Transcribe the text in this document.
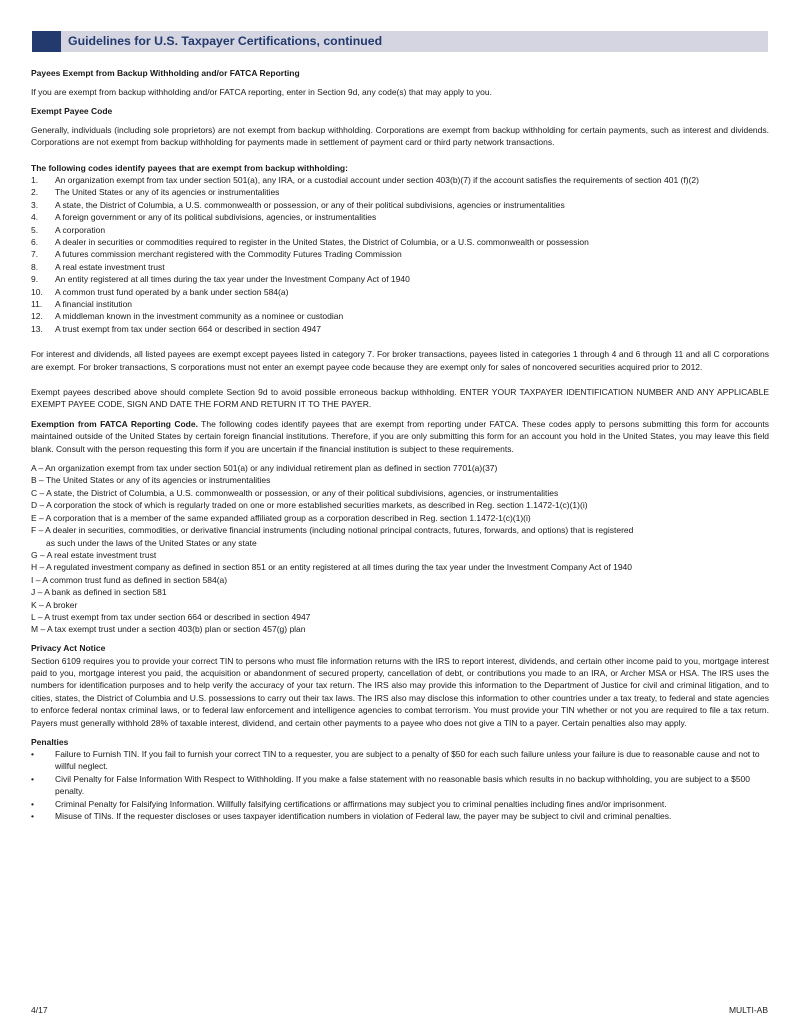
Guidelines for U.S. Taxpayer Certifications, continued

Payees Exempt from Backup Withholding and/or FATCA Reporting

If you are exempt from backup withholding and/or FATCA reporting, enter in Section 9d, any code(s) that may apply to you.

Exempt Payee Code

Generally, individuals (including sole proprietors) are not exempt from backup withholding. Corporations are exempt from backup withholding for certain payments, such as interest and dividends. Corporations are not exempt from backup withholding for payments made in settlement of payment card or third party network transactions.

The following codes identify payees that are exempt from backup withholding:

1.	An organization exempt from tax under section 501(a), any IRA, or a custodial account under section 403(b)(7) if the account satisfies the requirements of section 401 (f)(2)
2.	The United States or any of its agencies or instrumentalities
3.	A state, the District of Columbia, a U.S. commonwealth or possession, or any of their political subdivisions, agencies or instrumentalities
4.	A foreign government or any of its political subdivisions, agencies, or instrumentalities
5.	A corporation
6.	A dealer in securities or commodities required to register in the United States, the District of Columbia, or a U.S. commonwealth or possession
7.	A futures commission merchant registered with the Commodity Futures Trading Commission
8.	A real estate investment trust
9.	An entity registered at all times during the tax year under the Investment Company Act of 1940
10.	A common trust fund operated by a bank under section 584(a)
11.	A financial institution
12.	A middleman known in the investment community as a nominee or custodian
13.	A trust exempt from tax under section 664 or described in section 4947

For interest and dividends, all listed payees are exempt except payees listed in category 7. For broker transactions, payees listed in categories 1 through 4 and 6 through 11 and all C corporations are exempt. For broker transactions, S corporations must not enter an exempt payee code because they are exempt only for sales of noncovered securities acquired prior to 2012.

Exempt payees described above should complete Section 9d to avoid possible erroneous backup withholding. ENTER YOUR TAXPAYER IDENTIFICATION NUMBER AND ANY APPLICABLE EXEMPT PAYEE CODE, SIGN AND DATE THE FORM AND RETURN IT TO THE PAYER.

Exemption from FATCA Reporting Code. The following codes identify payees that are exempt from reporting under FATCA. These codes apply to persons submitting this form for accounts maintained outside of the United States by certain foreign financial institutions. Therefore, if you are only submitting this form for an account you hold in the United States, you may leave this field blank. Consult with the person requesting this form if you are uncertain if the financial institution is subject to these requirements.

A – An organization exempt from tax under section 501(a) or any individual retirement plan as defined in section 7701(a)(37)

B – The United States or any of its agencies or instrumentalities

C – A state, the District of Columbia, a U.S. commonwealth or possession, or any of their political subdivisions, agencies, or instrumentalities

D – A corporation the stock of which is regularly traded on one or more established securities markets, as described in Reg. section 1.1472-1(c)(1)(i)

E – A corporation that is a member of the same expanded affiliated group as a corporation described in Reg. section 1.1472-1(c)(1)(i)

F – A dealer in securities, commodities, or derivative financial instruments (including notional principal contracts, futures, forwards, and options) that is registered

as such under the laws of the United States or any state

G – A real estate investment trust

H – A regulated investment company as defined in section 851 or an entity registered at all times during the tax year under the Investment Company Act of 1940

I – A common trust fund as defined in section 584(a)

J – A bank as defined in section 581

K – A broker

L – A trust exempt from tax under section 664 or described in section 4947

M – A tax exempt trust under a section 403(b) plan or section 457(g) plan

Privacy Act Notice

Section 6109 requires you to provide your correct TIN to persons who must file information returns with the IRS to report interest, dividends, and certain other income paid to you, mortgage interest paid to you, mortgage interest you paid, the acquisition or abandonment of secured property, cancellation of debt, or contributions you made to an IRA, or Archer MSA or HSA. The IRS uses the numbers for identification purposes and to help verify the accuracy of your tax return. The IRS also may provide this information to the Department of Justice for civil and criminal litigation, and to cities, states, the District of Columbia and U.S. possessions to carry out their tax laws. The IRS also may disclose this information to other countries under a tax treaty, to federal and state agencies to enforce federal nontax criminal laws, or to federal law enforcement and intelligence agencies to combat terrorism. You must provide your TIN whether or not you are required to file a tax return. Payers must generally withhold 28% of taxable interest, dividend, and certain other payments to a payee who does not give a TIN to a payer. Certain penalties also may apply.

Penalties

•	Failure to Furnish TIN. If you fail to furnish your correct TIN to a requester, you are subject to a penalty of $50 for each such failure unless your failure is due to reasonable cause and not to willful neglect.
•	Civil Penalty for False Information With Respect to Withholding. If you make a false statement with no reasonable basis which results in no backup withholding, you are subject to a $500 penalty.
•	Criminal Penalty for Falsifying Information. Willfully falsifying certifications or affirmations may subject you to criminal penalties including fines and/or imprisonment.
•	Misuse of TINs. If the requester discloses or uses taxpayer identification numbers in violation of Federal law, the payer may be subject to civil and criminal penalties.
4/17	MULTI-AB
